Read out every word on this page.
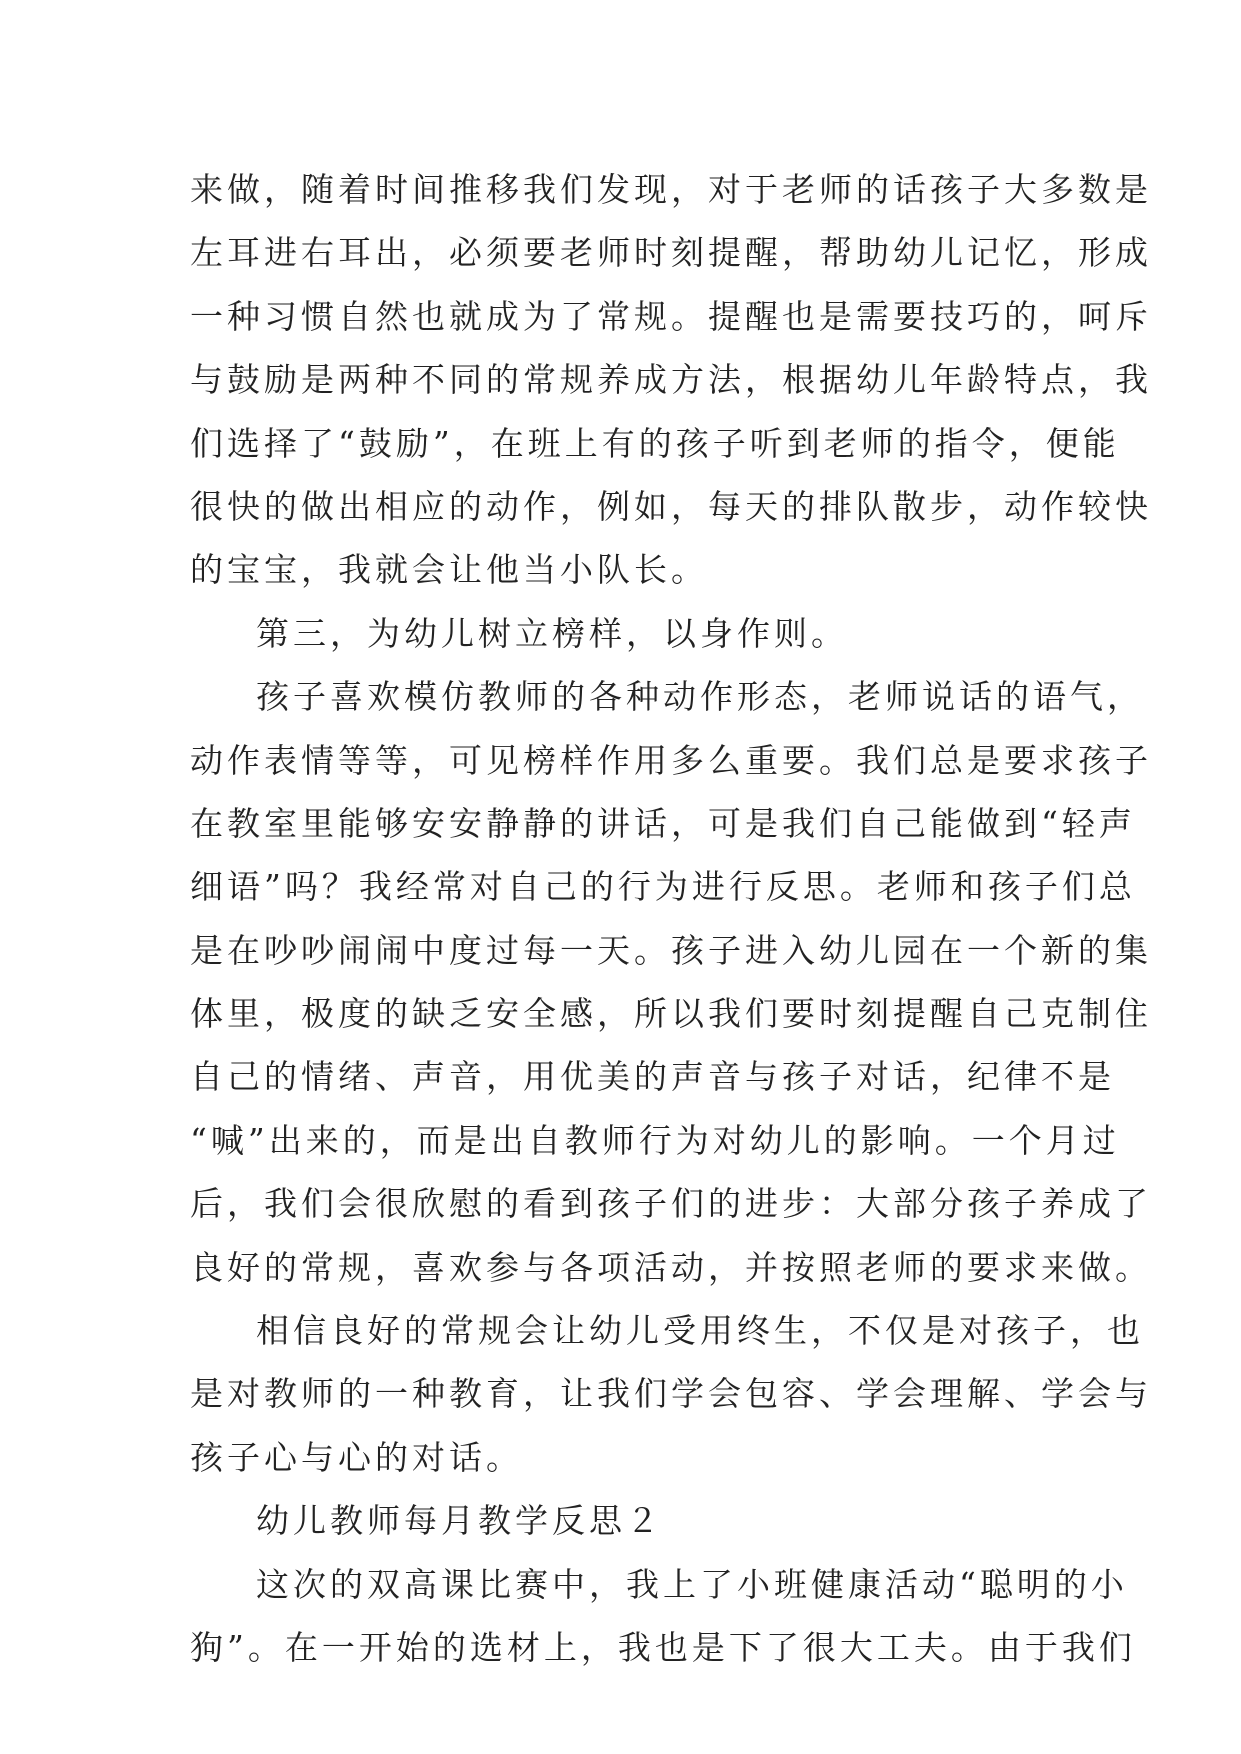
来做，随着时间推移我们发现，对于老师的话孩子大多数是
左耳进右耳出，必须要老师时刻提醒，帮助幼儿记忆，形成
一种习惯自然也就成为了常规。提醒也是需要技巧的，呵斥
与鼓励是两种不同的常规养成方法，根据幼儿年龄特点，我
们选择了“鼓励”，在班上有的孩子听到老师的指令，便能
很快的做出相应的动作，例如，每天的排队散步，动作较快
的宝宝，我就会让他当小队长。
第三，为幼儿树立榜样，以身作则。
孩子喜欢模仿教师的各种动作形态，老师说话的语气，
动作表情等等，可见榜样作用多么重要。我们总是要求孩子
在教室里能够安安静静的讲话，可是我们自己能做到“轻声
细语”吗？我经常对自己的行为进行反思。老师和孩子们总
是在吵吵闹闹中度过每一天。孩子进入幼儿园在一个新的集
体里，极度的缺乏安全感，所以我们要时刻提醒自己克制住
自己的情绪、声音，用优美的声音与孩子对话，纪律不是
“喊”出来的，而是出自教师行为对幼儿的影响。一个月过
后，我们会很欣慰的看到孩子们的进步：大部分孩子养成了
良好的常规，喜欢参与各项活动，并按照老师的要求来做。
相信良好的常规会让幼儿受用终生，不仅是对孩子，也
是对教师的一种教育，让我们学会包容、学会理解、学会与
孩子心与心的对话。
幼儿教师每月教学反思２
这次的双高课比赛中，我上了小班健康活动“聪明的小
狗”。在一开始的选材上，我也是下了很大工夫。由于我们
